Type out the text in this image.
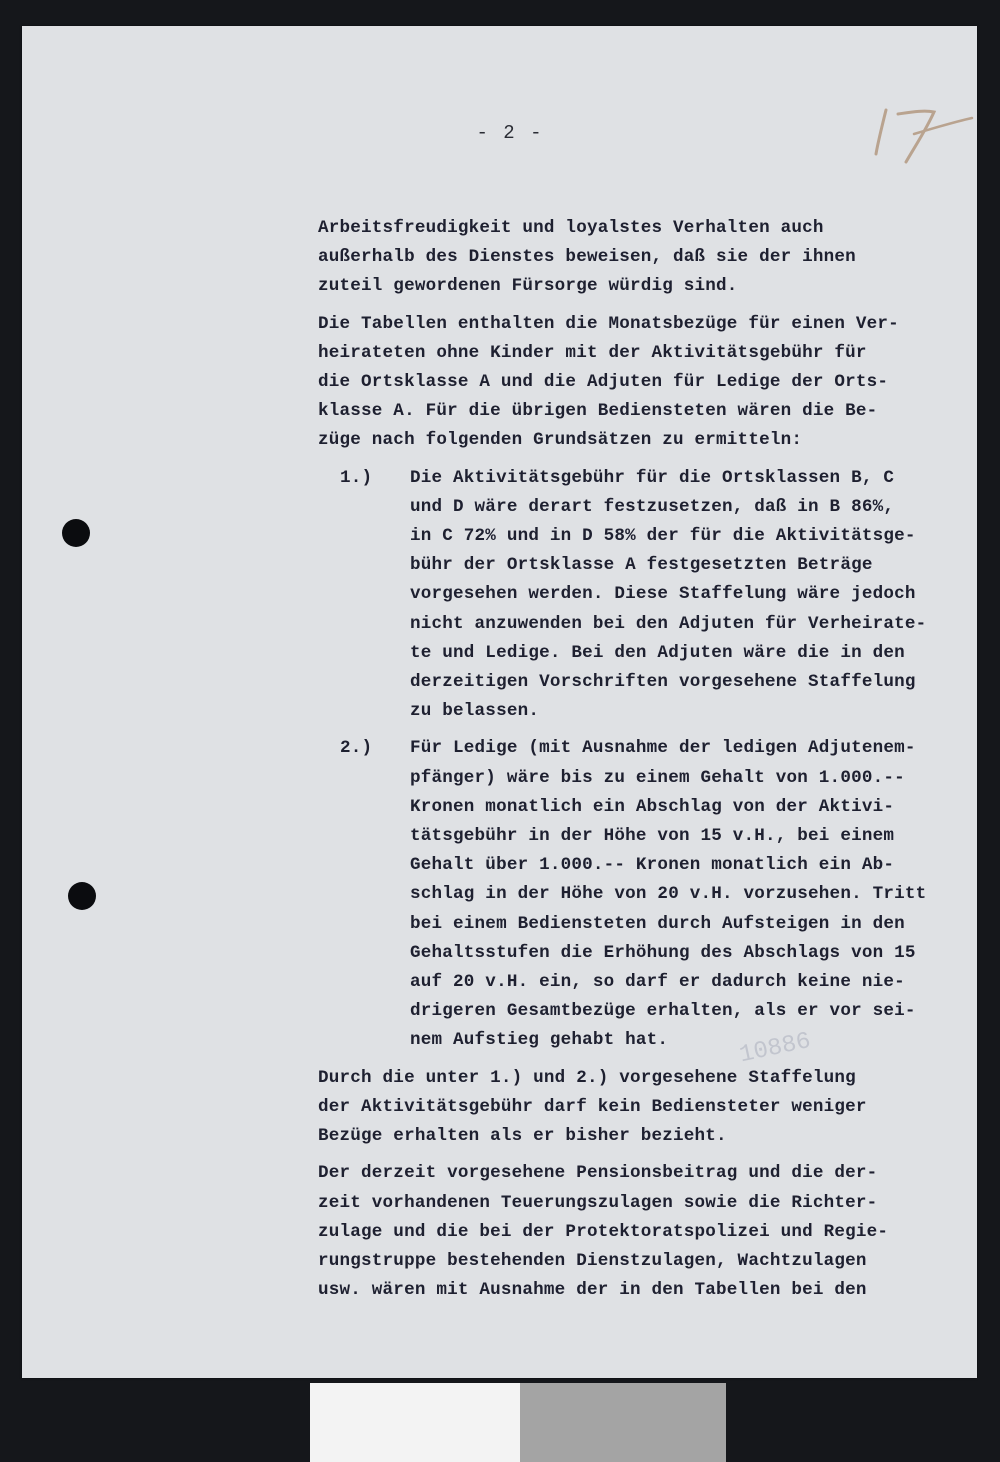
- 2 -
10886

Arbeitsfreudigkeit und loyalstes Verhalten auch

außerhalb des Dienstes beweisen, daß sie der ihnen

zuteil gewordenen Fürsorge würdig sind.

Die Tabellen enthalten die Monatsbezüge für einen Ver-

heirateten ohne Kinder mit der Aktivitätsgebühr für

die Ortsklasse A und die Adjuten für Ledige der Orts-

klasse A. Für die übrigen Bediensteten wären die Be-

züge nach folgenden Grundsätzen zu ermitteln:

1.)	Die Aktivitätsgebühr für die Ortsklassen B, C

und D wäre derart festzusetzen, daß in B 86%,

in C 72% und in D 58% der für die Aktivitätsge-

bühr der Ortsklasse A festgesetzten Beträge

vorgesehen werden. Diese Staffelung wäre jedoch

nicht anzuwenden bei den Adjuten für Verheirate-

te und Ledige. Bei den Adjuten wäre die in den

derzeitigen Vorschriften vorgesehene Staffelung

zu belassen.

2.)	Für Ledige (mit Ausnahme der ledigen Adjutenem-

pfänger) wäre bis zu einem Gehalt von 1.000.--

Kronen monatlich ein Abschlag von der Aktivi-

tätsgebühr in der Höhe von 15 v.H., bei einem

Gehalt über 1.000.-- Kronen monatlich ein Ab-

schlag in der Höhe von 20 v.H. vorzusehen. Tritt

bei einem Bediensteten durch Aufsteigen in den

Gehaltsstufen die Erhöhung des Abschlags von 15

auf 20 v.H. ein, so darf er dadurch keine nie-

drigeren Gesamtbezüge erhalten, als er vor sei-

nem Aufstieg gehabt hat.

Durch die unter 1.) und 2.) vorgesehene Staffelung

der Aktivitätsgebühr darf kein Bediensteter weniger

Bezüge erhalten als er bisher bezieht.

Der derzeit vorgesehene Pensionsbeitrag und die der-

zeit vorhandenen Teuerungszulagen sowie die Richter-

zulage und die bei der Protektoratspolizei und Regie-

rungstruppe bestehenden Dienstzulagen, Wachtzulagen

usw. wären mit Ausnahme der in den Tabellen bei den
